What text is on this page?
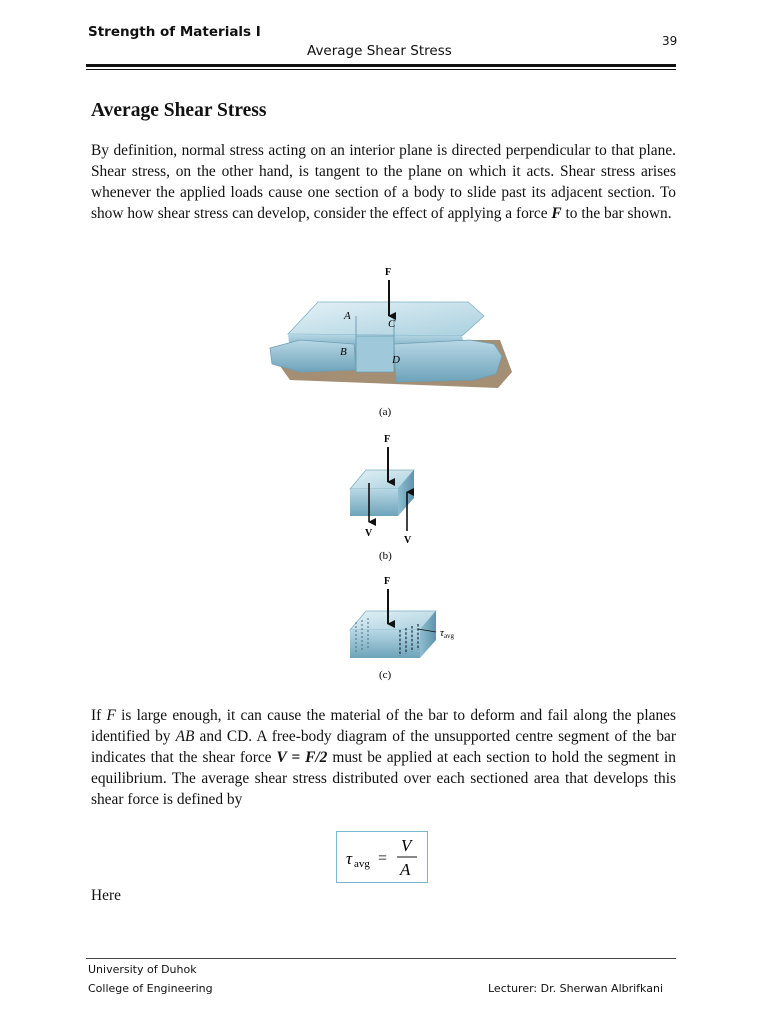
Strength of Materials I
39
Average Shear Stress
Average Shear Stress

By definition, normal stress acting on an interior plane is directed perpendicular to that plane. Shear stress, on the other hand, is tangent to the plane on which it acts. Shear stress arises whenever the applied loads cause one section of a body to slide past its adjacent section. To show how shear stress can develop, consider the effect of applying a force F to the bar shown.

F
A
B
C
D
(a)
F
V
V
(b)
F
τavg
(c)

If F is large enough, it can cause the material of the bar to deform and fail along the planes identified by AB and CD. A free-body diagram of the unsupported centre segment of the bar indicates that the shear force V = F/2 must be applied at each section to hold the segment in equilibrium. The average shear stress distributed over each sectioned area that develops this shear force is defined by

τ avg =
V
A
Here
University of Duhok
College of Engineering	Lecturer: Dr. Sherwan Albrifkani
